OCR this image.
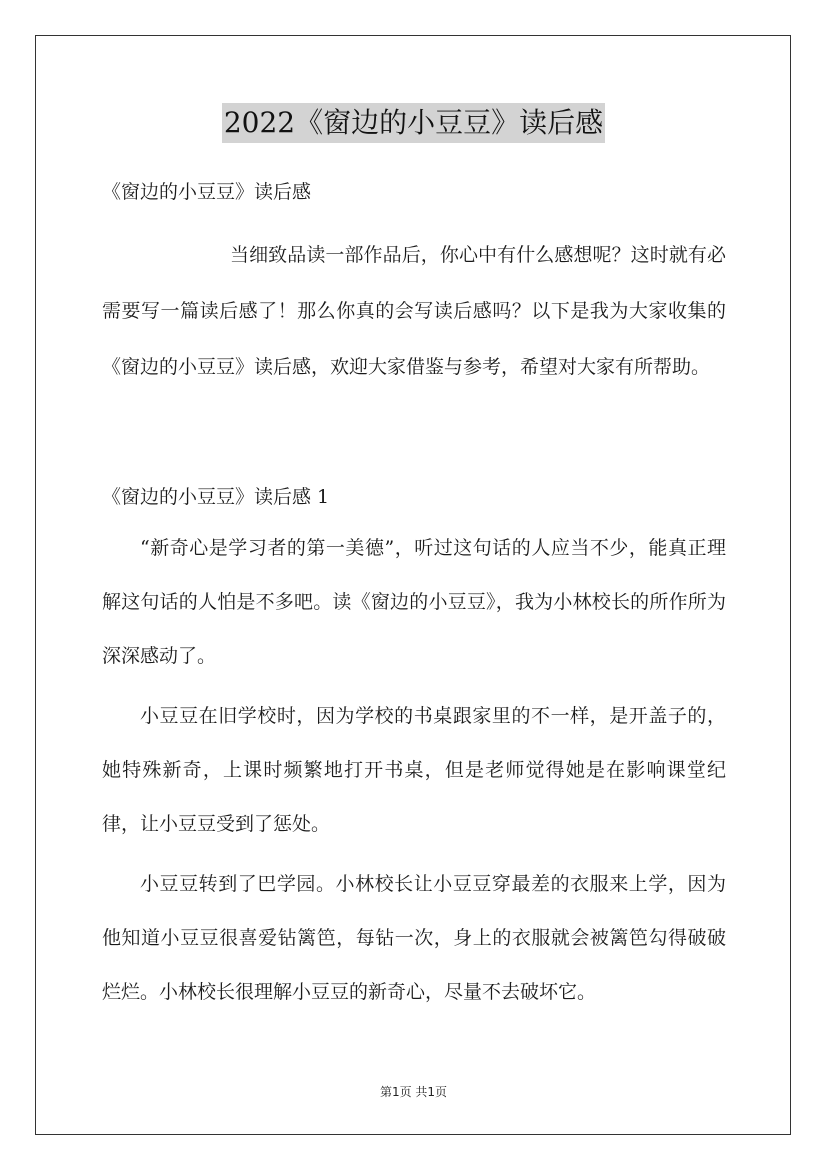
2022《窗边的小豆豆》读后感

《窗边的小豆豆》读后感

当细致品读一部作品后，你心中有什么感想呢？这时就有必需要写一篇读后感了！那么你真的会写读后感吗？以下是我为大家收集的《窗边的小豆豆》读后感，欢迎大家借鉴与参考，希望对大家有所帮助。

《窗边的小豆豆》读后感 1

“新奇心是学习者的第一美德”，听过这句话的人应当不少，能真正理解这句话的人怕是不多吧。读《窗边的小豆豆》，我为小林校长的所作所为深深感动了。

小豆豆在旧学校时，因为学校的书桌跟家里的不一样，是开盖子的，她特殊新奇，上课时频繁地打开书桌，但是老师觉得她是在影响课堂纪律，让小豆豆受到了惩处。

小豆豆转到了巴学园。小林校长让小豆豆穿最差的衣服来上学，因为他知道小豆豆很喜爱钻篱笆，每钻一次，身上的衣服就会被篱笆勾得破破烂烂。小林校长很理解小豆豆的新奇心，尽量不去破坏它。

第1页 共1页
